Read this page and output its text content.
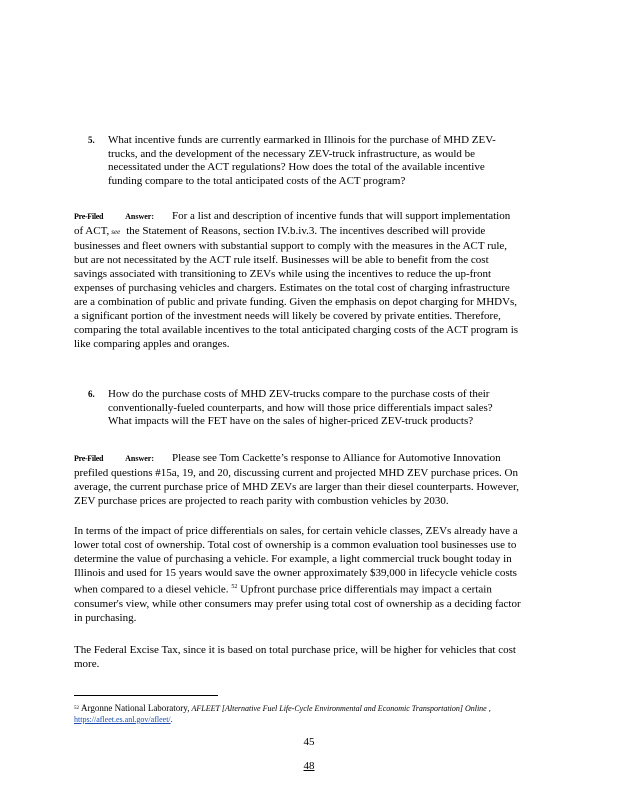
5. What incentive funds are currently earmarked in Illinois for the purchase of MHD ZEV-trucks, and the development of the necessary ZEV-truck infrastructure, as would be necessitated under the ACT regulations? How does the total of the available incentive funding compare to the total anticipated costs of the ACT program?
Pre-Filed	Answer: For a list and description of incentive funds that will support implementation of ACT, see the Statement of Reasons, section IV.b.iv.3. The incentives described will provide businesses and fleet owners with substantial support to comply with the measures in the ACT rule, but are not necessitated by the ACT rule itself. Businesses will be able to benefit from the cost savings associated with transitioning to ZEVs while using the incentives to reduce the up-front expenses of purchasing vehicles and chargers. Estimates on the total cost of charging infrastructure are a combination of public and private funding. Given the emphasis on depot charging for MHDVs, a significant portion of the investment needs will likely be covered by private entities. Therefore, comparing the total available incentives to the total anticipated charging costs of the ACT program is like comparing apples and oranges.
6. How do the purchase costs of MHD ZEV-trucks compare to the purchase costs of their conventionally-fueled counterparts, and how will those price differentials impact sales? What impacts will the FET have on the sales of higher-priced ZEV-truck products?
Pre-Filed	Answer: Please see Tom Cackette’s response to Alliance for Automotive Innovation prefiled questions #15a, 19, and 20, discussing current and projected MHD ZEV purchase prices. On average, the current purchase price of MHD ZEVs are larger than their diesel counterparts. However, ZEV purchase prices are projected to reach parity with combustion vehicles by 2030.
In terms of the impact of price differentials on sales, for certain vehicle classes, ZEVs already have a lower total cost of ownership. Total cost of ownership is a common evaluation tool businesses use to determine the value of purchasing a vehicle. For example, a light commercial truck bought today in Illinois and used for 15 years would save the owner approximately $39,000 in lifecycle vehicle costs when compared to a diesel vehicle. $^{52}$ Upfront purchase price differentials may impact a certain consumer's view, while other consumers may prefer using total cost of ownership as a deciding factor in purchasing.
The Federal Excise Tax, since it is based on total purchase price, will be higher for vehicles that cost more.
$^{52}$ Argonne National Laboratory, AFLEET [Alternative Fuel Life-Cycle Environmental and Economic Transportation] Online , https://afleet.es.anl.gov/afleet/.
45
48
